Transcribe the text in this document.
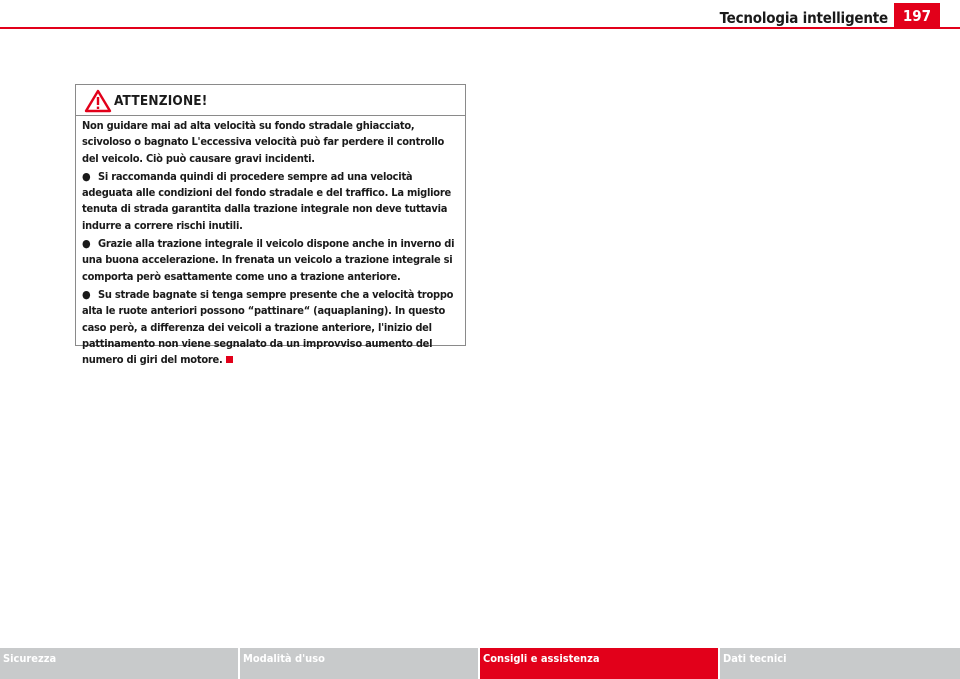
Tecnologia intelligente 197
ATTENZIONE!

Non guidare mai ad alta velocità su fondo stradale ghiacciato, scivoloso o bagnato L'eccessiva velocità può far perdere il controllo del veicolo. Ciò può causare gravi incidenti.

● Si raccomanda quindi di procedere sempre ad una velocità adeguata alle condizioni del fondo stradale e del traffico. La migliore tenuta di strada garantita dalla trazione integrale non deve tuttavia indurre a correre rischi inutili.

● Grazie alla trazione integrale il veicolo dispone anche in inverno di una buona accelerazione. In frenata un veicolo a trazione integrale si comporta però esattamente come uno a trazione anteriore.

● Su strade bagnate si tenga sempre presente che a velocità troppo alta le ruote anteriori possono “pattinare“ (aquaplaning). In questo caso però, a differenza dei veicoli a trazione anteriore, l'inizio del pattinamento non viene segnalato da un improvviso aumento del numero di giri del motore.

Sicurezza	Modalità d'uso	Consigli e assistenza	Dati tecnici
